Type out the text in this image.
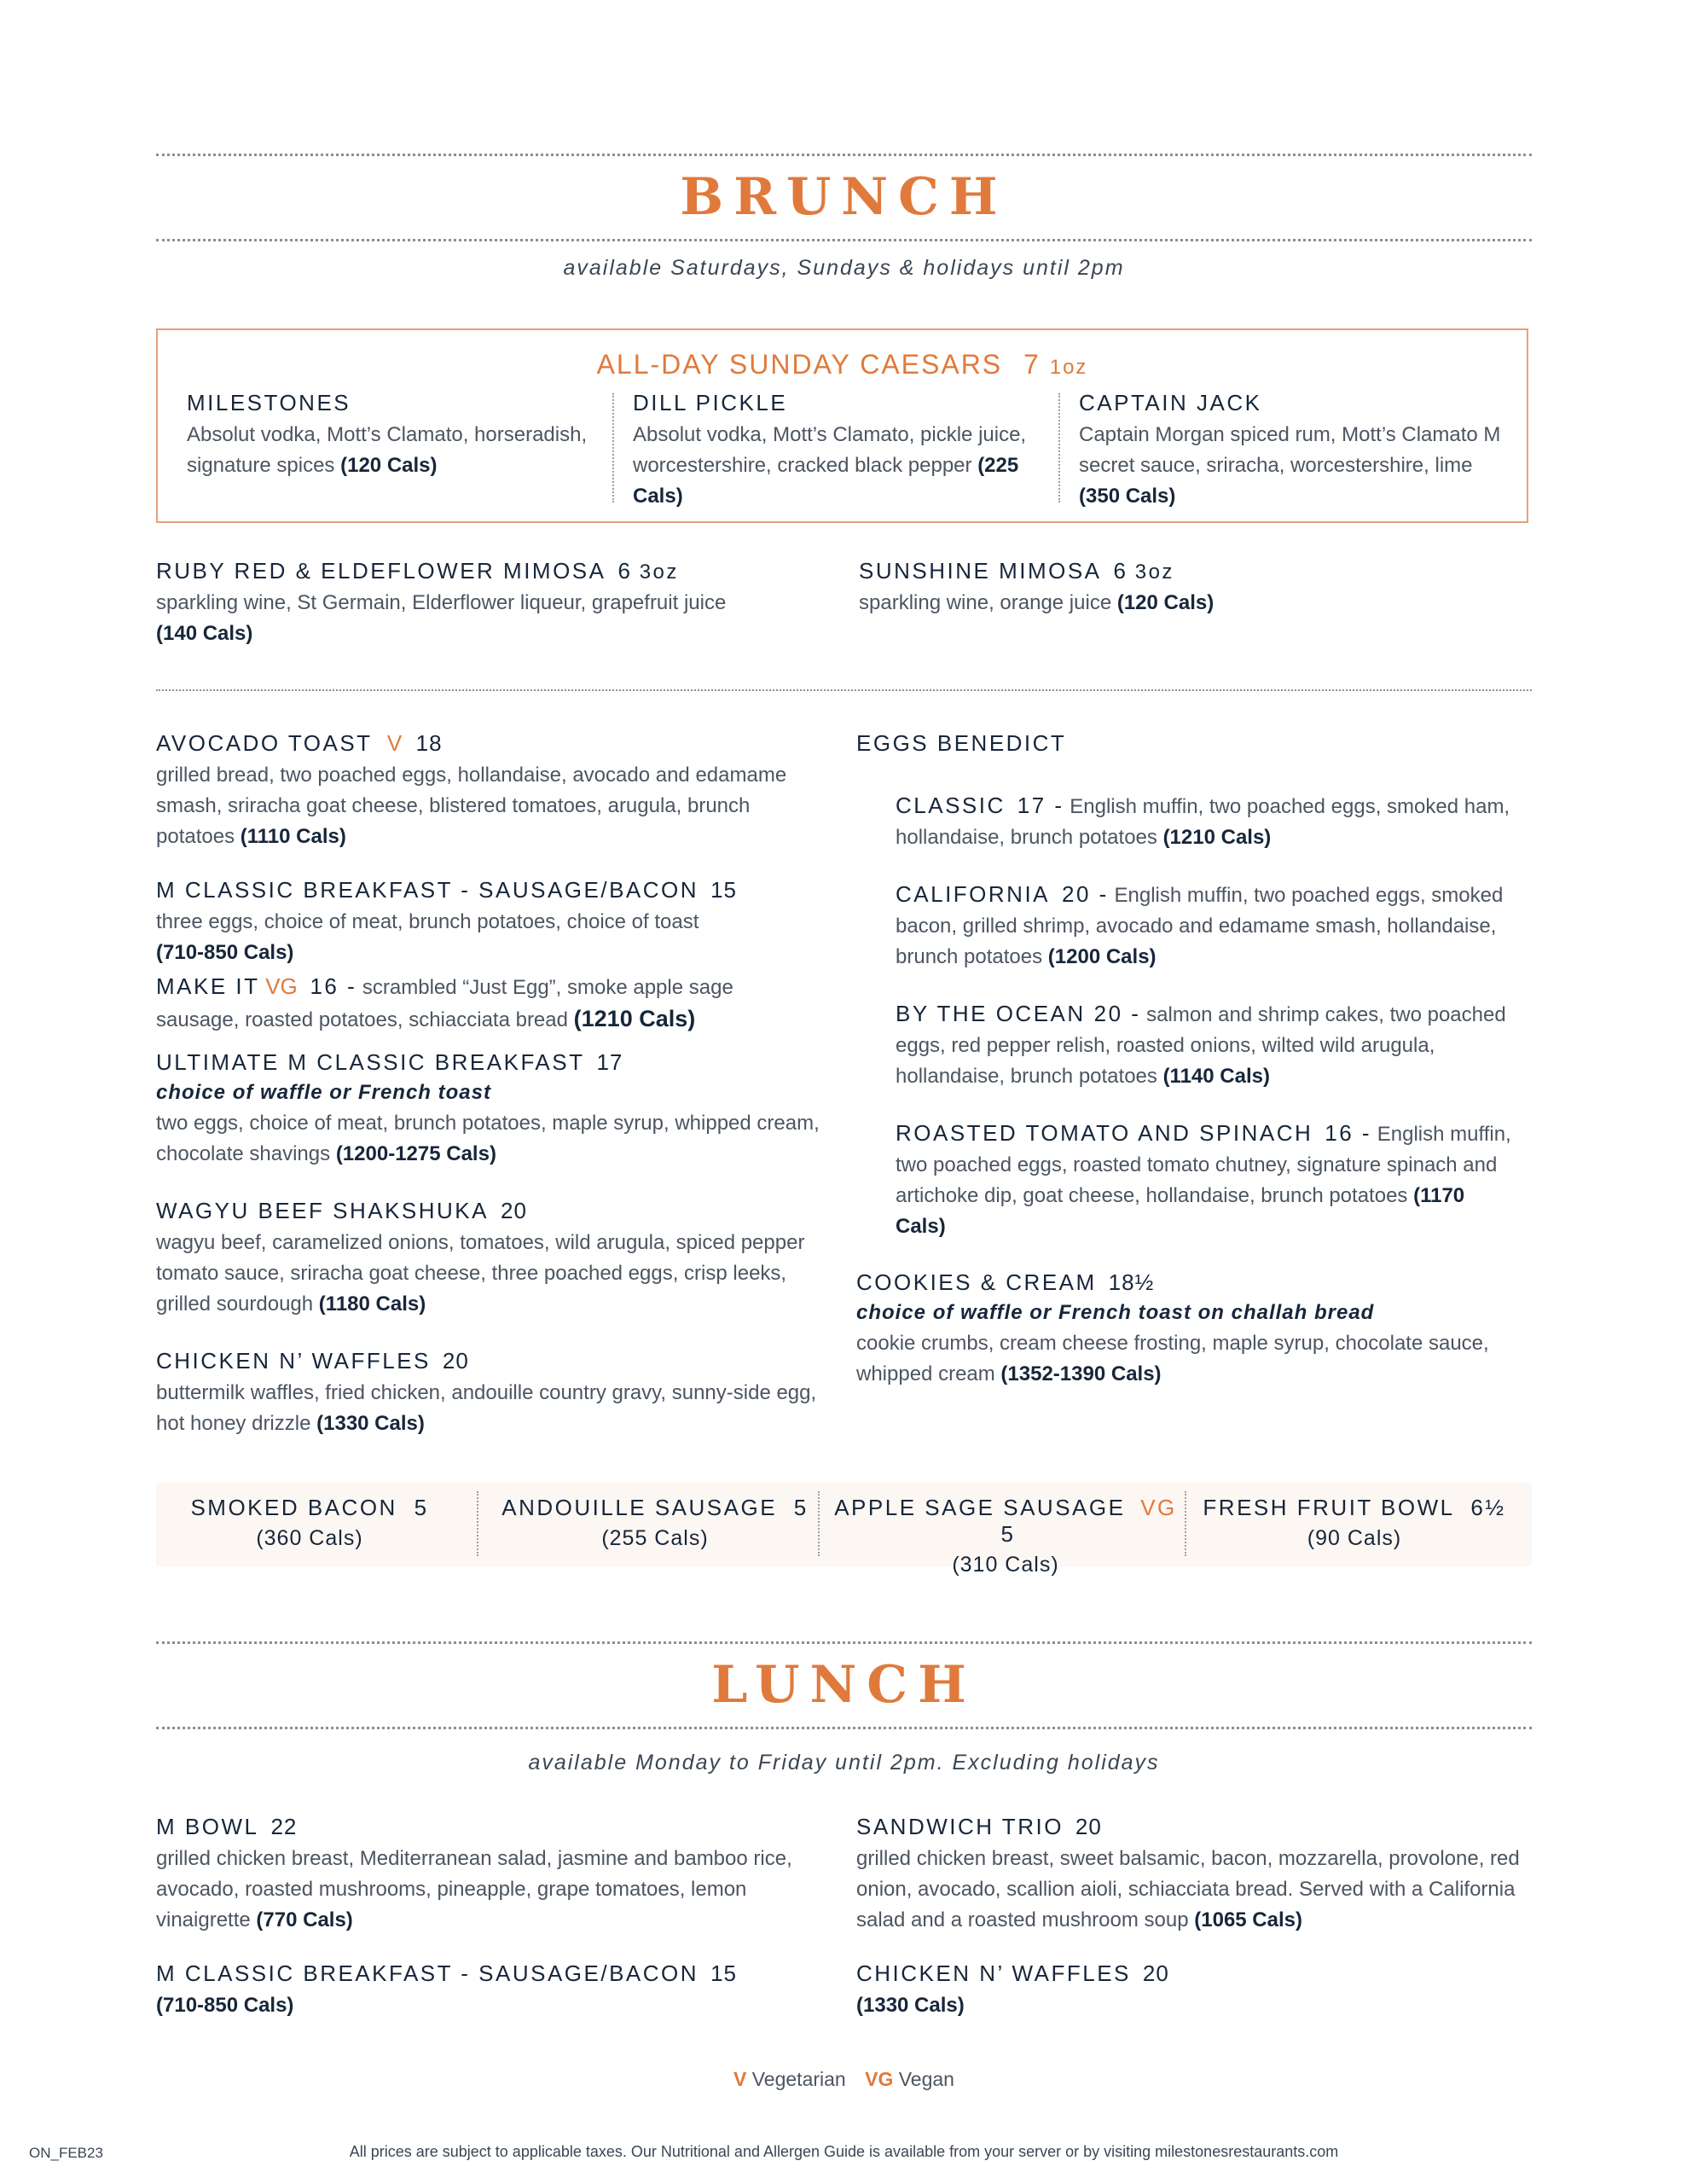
BRUNCH
available Saturdays, Sundays & holidays until 2pm
ALL-DAY SUNDAY CAESARS 7 1oz
MILESTONES
Absolut vodka, Mott’s Clamato, horseradish, signature spices (120 Cals)
DILL PICKLE
Absolut vodka, Mott’s Clamato, pickle juice, worcestershire, cracked black pepper (225 Cals)
CAPTAIN JACK
Captain Morgan spiced rum, Mott’s Clamato M secret sauce, sriracha, worcestershire, lime (350 Cals)
RUBY RED & ELDEFLOWER MIMOSA 6 3oz
sparkling wine, St Germain, Elderflower liqueur, grapefruit juice
(140 Cals)
SUNSHINE MIMOSA 6 3oz
sparkling wine, orange juice (120 Cals)
AVOCADO TOAST V 18
grilled bread, two poached eggs, hollandaise, avocado and edamame smash, sriracha goat cheese, blistered tomatoes, arugula, brunch potatoes (1110 Cals)
M CLASSIC BREAKFAST - SAUSAGE/BACON 15
three eggs, choice of meat, brunch potatoes, choice of toast
(710-850 Cals)
MAKE IT VG 16 - scrambled “Just Egg”, smoke apple sage sausage, roasted potatoes, schiacciata bread (1210 Cals)
ULTIMATE M CLASSIC BREAKFAST 17
choice of waffle or French toast
two eggs, choice of meat, brunch potatoes, maple syrup, whipped cream, chocolate shavings (1200-1275 Cals)
WAGYU BEEF SHAKSHUKA 20
wagyu beef, caramelized onions, tomatoes, wild arugula, spiced pepper tomato sauce, sriracha goat cheese, three poached eggs, crisp leeks, grilled sourdough (1180 Cals)
CHICKEN N’ WAFFLES 20
buttermilk waffles, fried chicken, andouille country gravy, sunny-side egg, hot honey drizzle (1330 Cals)
EGGS BENEDICT
CLASSIC 17 - English muffin, two poached eggs, smoked ham, hollandaise, brunch potatoes (1210 Cals)
CALIFORNIA 20 - English muffin, two poached eggs, smoked bacon, grilled shrimp, avocado and edamame smash, hollandaise, brunch potatoes (1200 Cals)
BY THE OCEAN 20 - salmon and shrimp cakes, two poached eggs, red pepper relish, roasted onions, wilted wild arugula, hollandaise, brunch potatoes (1140 Cals)
ROASTED TOMATO AND SPINACH 16 - English muffin, two poached eggs, roasted tomato chutney, signature spinach and artichoke dip, goat cheese, hollandaise, brunch potatoes (1170 Cals)
COOKIES & CREAM 18½
choice of waffle or French toast on challah bread
cookie crumbs, cream cheese frosting, maple syrup, chocolate sauce, whipped cream (1352-1390 Cals)
SMOKED BACON 5
(360 Cals)
ANDOUILLE SAUSAGE 5
(255 Cals)
APPLE SAGE SAUSAGE VG 5
(310 Cals)
FRESH FRUIT BOWL 6½
(90 Cals)
LUNCH
available Monday to Friday until 2pm. Excluding holidays
M BOWL 22
grilled chicken breast, Mediterranean salad, jasmine and bamboo rice, avocado, roasted mushrooms, pineapple, grape tomatoes, lemon vinaigrette (770 Cals)
SANDWICH TRIO 20
grilled chicken breast, sweet balsamic, bacon, mozzarella, provolone, red onion, avocado, scallion aioli, schiacciata bread. Served with a California salad and a roasted mushroom soup (1065 Cals)
M CLASSIC BREAKFAST - SAUSAGE/BACON 15
(710-850 Cals)
CHICKEN N’ WAFFLES 20
(1330 Cals)
V Vegetarian VG Vegan
All prices are subject to applicable taxes. Our Nutritional and Allergen Guide is available from your server or by visiting milestonesrestaurants.com
ON_FEB23
